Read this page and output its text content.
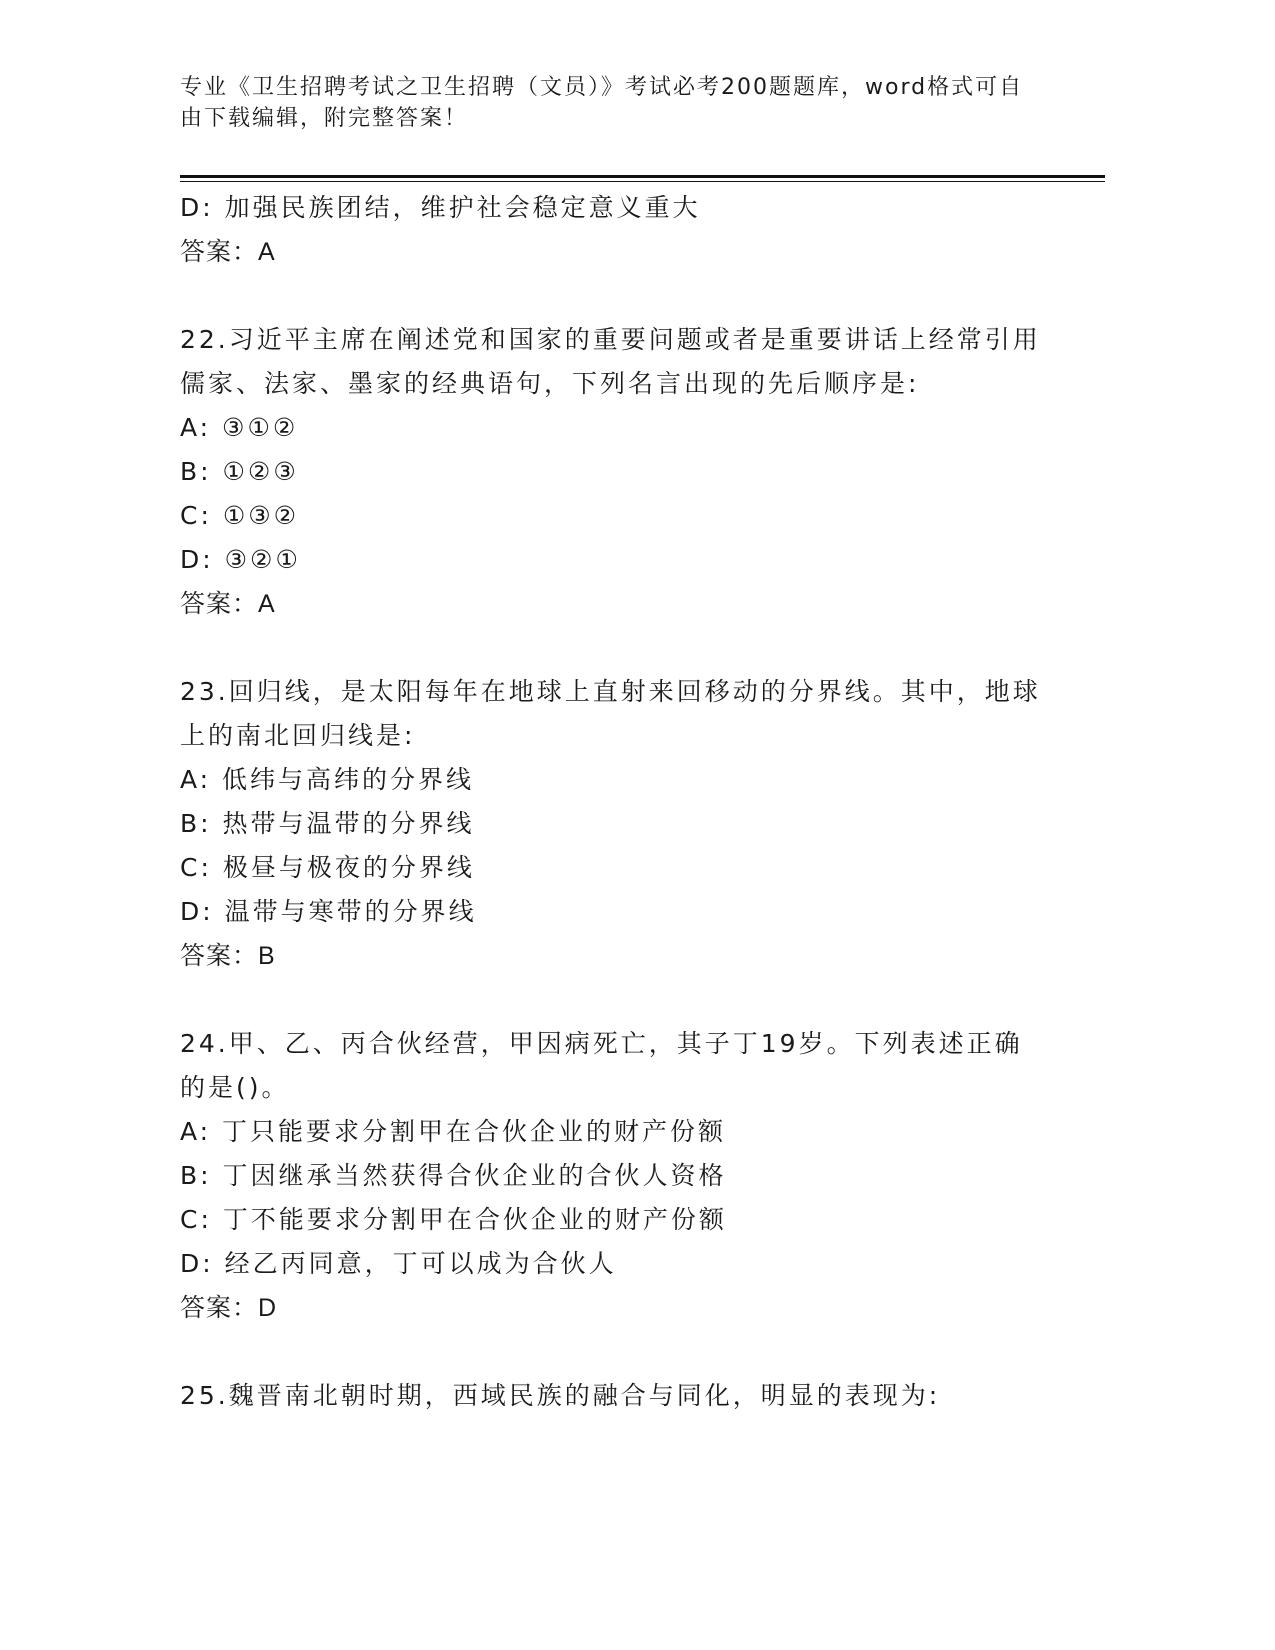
专业《卫生招聘考试之卫生招聘（文员）》考试必考200题题库，word格式可自
由下载编辑，附完整答案！
D: 加强民族团结，维护社会稳定意义重大
答案：A
22.习近平主席在阐述党和国家的重要问题或者是重要讲话上经常引用
儒家、法家、墨家的经典语句，下列名言出现的先后顺序是:
A: ③①②
B: ①②③
C: ①③②
D: ③②①
答案：A
23.回归线，是太阳每年在地球上直射来回移动的分界线。其中，地球
上的南北回归线是:
A: 低纬与高纬的分界线
B: 热带与温带的分界线
C: 极昼与极夜的分界线
D: 温带与寒带的分界线
答案：B
24.甲、乙、丙合伙经营，甲因病死亡，其子丁19岁。下列表述正确
的是()。
A: 丁只能要求分割甲在合伙企业的财产份额
B: 丁因继承当然获得合伙企业的合伙人资格
C: 丁不能要求分割甲在合伙企业的财产份额
D: 经乙丙同意，丁可以成为合伙人
答案：D
25.魏晋南北朝时期，西域民族的融合与同化，明显的表现为:
